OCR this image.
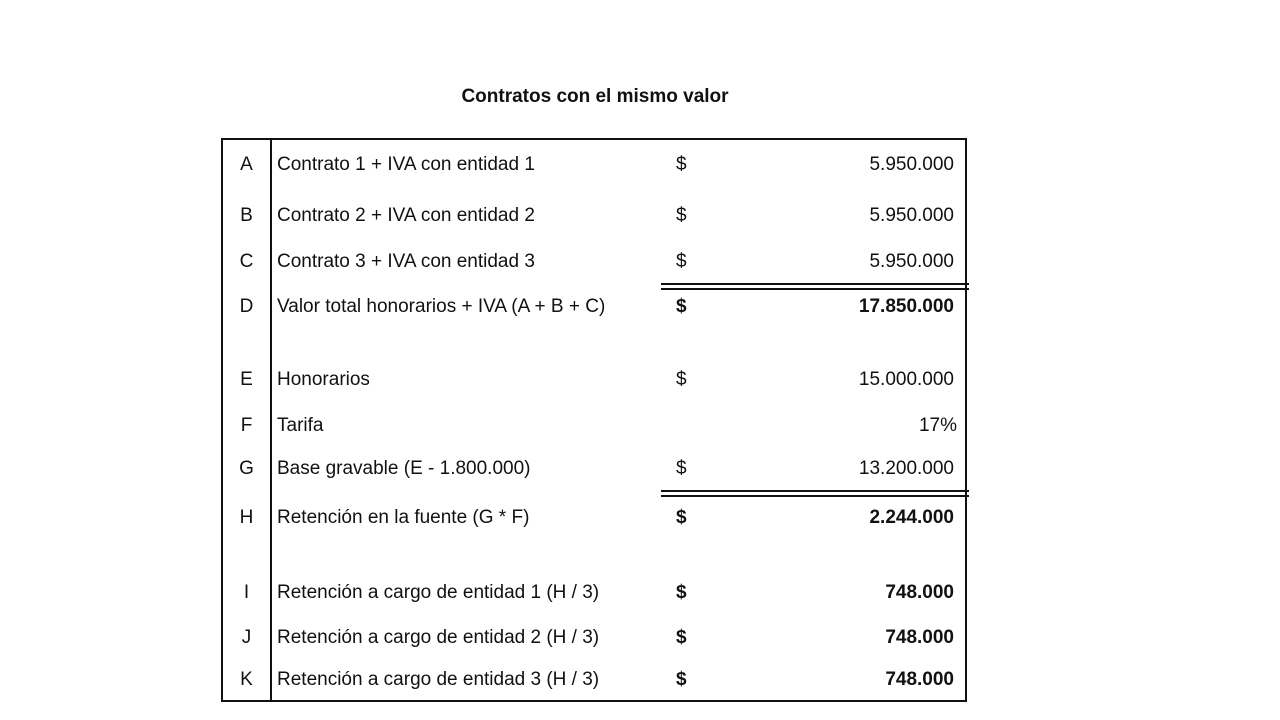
Contratos con el mismo valor
A	Contrato 1 + IVA con entidad 1	$	5.950.000
B	Contrato 2 + IVA con entidad 2	$	5.950.000
C	Contrato 3 + IVA con entidad 3	$	5.950.000
D	Valor total honorarios + IVA (A + B + C)	$	17.850.000
E	Honorarios	$	15.000.000
F	Tarifa	17%
G	Base gravable (E - 1.800.000)	$	13.200.000
H	Retención en la fuente (G * F)	$	2.244.000
I	Retención a cargo de entidad 1 (H / 3)	$	748.000
J	Retención a cargo de entidad 2 (H / 3)	$	748.000
K	Retención a cargo de entidad 3 (H / 3)	$	748.000
